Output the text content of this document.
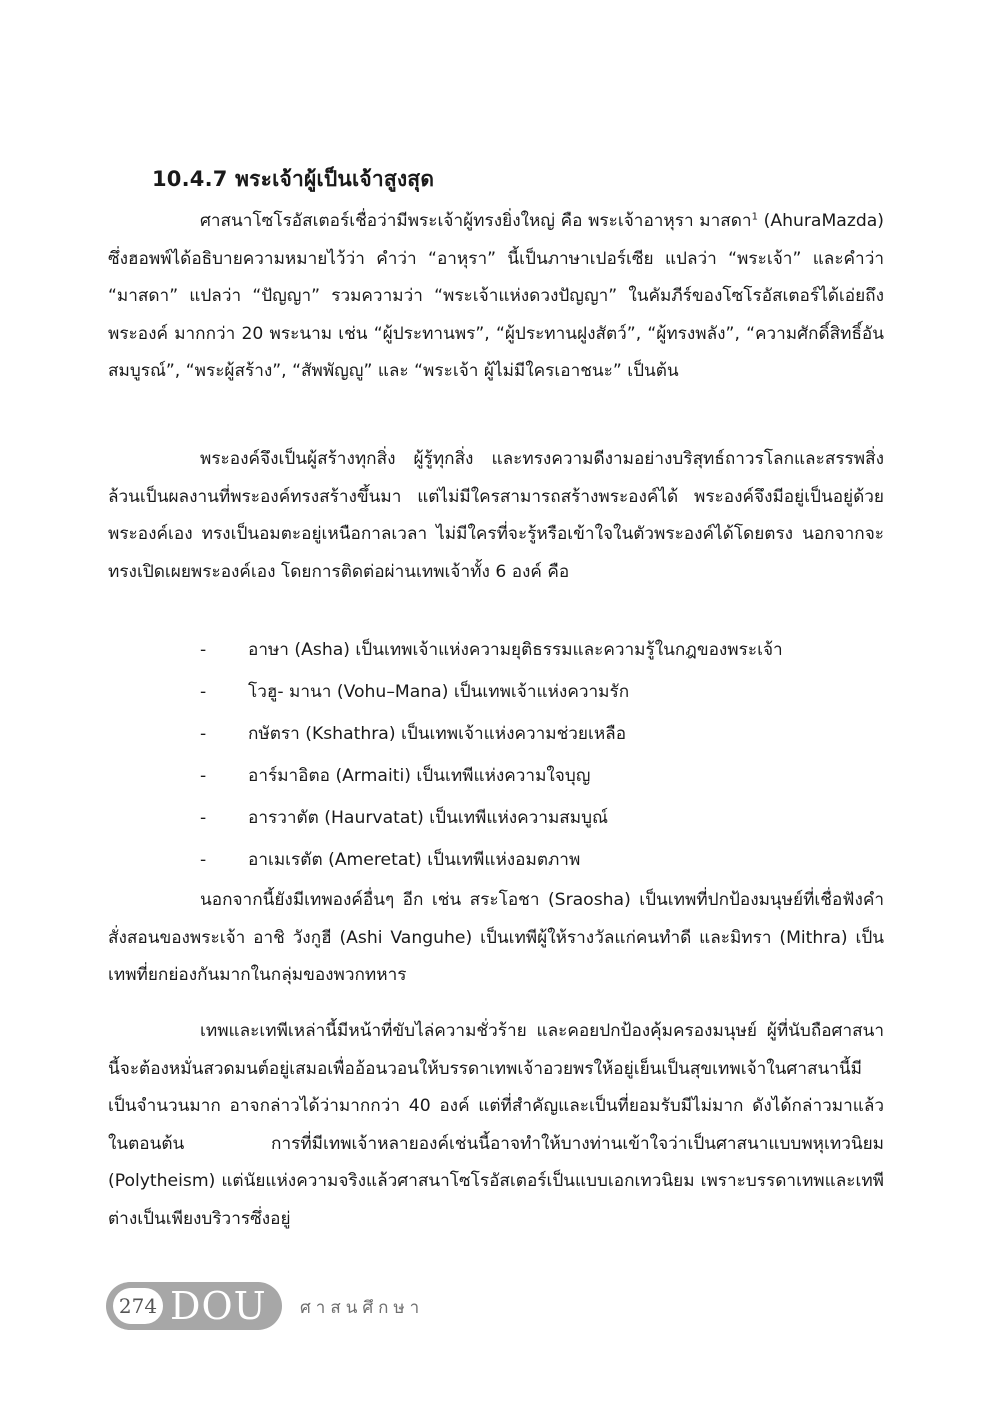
10.4.7 พระเจ้าผู้เป็นเจ้าสูงสุด

ศาสนาโซโรอัสเตอร์เชื่อว่ามีพระเจ้าผู้ทรงยิ่งใหญ่ คือ พระเจ้าอาหุรา มาสดา$^1$ (AhuraMazda) ซึ่งฮอพพ์ได้อธิบายความหมายไว้ว่า คำว่า “อาหุรา” นี้เป็นภาษาเปอร์เซีย แปลว่า “พระเจ้า” และคำว่า “มาสดา” แปลว่า “ปัญญา” รวมความว่า “พระเจ้าแห่งดวงปัญญา” ในคัมภีร์ของโซโรอัสเตอร์ได้เอ่ยถึงพระองค์ มากกว่า 20 พระนาม เช่น “ผู้ประทานพร”, “ผู้ประทานฝูงสัตว์”, “ผู้ทรงพลัง”, “ความศักดิ์สิทธิ์อันสมบูรณ์”, “พระผู้สร้าง”, “สัพพัญญู” และ “พระเจ้า ผู้ไม่มีใครเอาชนะ” เป็นต้น

พระองค์จึงเป็นผู้สร้างทุกสิ่ง ผู้รู้ทุกสิ่ง และทรงความดีงามอย่างบริสุทธ์ถาวรโลกและสรรพสิ่งล้วนเป็นผลงานที่พระองค์ทรงสร้างขึ้นมา แต่ไม่มีใครสามารถสร้างพระองค์ได้ พระองค์จึงมีอยู่เป็นอยู่ด้วยพระองค์เอง ทรงเป็นอมตะอยู่เหนือกาลเวลา ไม่มีใครที่จะรู้หรือเข้าใจในตัวพระองค์ได้โดยตรง นอกจากจะทรงเปิดเผยพระองค์เอง โดยการติดต่อผ่านเทพเจ้าทั้ง 6 องค์ คือ

-	อาษา (Asha) เป็นเทพเจ้าแห่งความยุติธรรมและความรู้ในกฎของพระเจ้า
-	โวฮู- มานา (Vohu–Mana) เป็นเทพเจ้าแห่งความรัก
-	กษัตรา (Kshathra) เป็นเทพเจ้าแห่งความช่วยเหลือ
-	อาร์มาอิตอ (Armaiti) เป็นเทพีแห่งความใจบุญ
-	อารวาตัต (Haurvatat) เป็นเทพีแห่งความสมบูณ์
-	อาเมเรตัต (Ameretat) เป็นเทพีแห่งอมตภาพ

นอกจากนี้ยังมีเทพองค์อื่นๆ อีก เช่น สระโอชา (Sraosha) เป็นเทพที่ปกป้องมนุษย์ที่เชื่อฟังคำสั่งสอนของพระเจ้า อาชิ วังกูฮี (Ashi Vanguhe) เป็นเทพีผู้ให้รางวัลแก่คนทำดี และมิทรา (Mithra) เป็นเทพที่ยกย่องกันมากในกลุ่มของพวกทหาร

เทพและเทพีเหล่านี้มีหน้าที่ขับไล่ความชั่วร้าย และคอยปกป้องคุ้มครองมนุษย์ ผู้ที่นับถือศาสนานี้จะต้องหมั่นสวดมนต์อยู่เสมอเพื่ออ้อนวอนให้บรรดาเทพเจ้าอวยพรให้อยู่เย็นเป็นสุขเทพเจ้าในศาสนานี้มีเป็นจำนวนมาก อาจกล่าวได้ว่ามากกว่า 40 องค์ แต่ที่สำคัญและเป็นที่ยอมรับมีไม่มาก ดังได้กล่าวมาแล้วในตอนต้น การที่มีเทพเจ้าหลายองค์เช่นนี้อาจทำให้บางท่านเข้าใจว่าเป็นศาสนาแบบพหุเทวนิยม (Polytheism) แต่นัยแห่งความจริงแล้วศาสนาโซโรอัสเตอร์เป็นแบบเอกเทวนิยม เพราะบรรดาเทพและเทพีต่างเป็นเพียงบริวารซึ่งอยู่

274 DOU ศาสนศึกษา
